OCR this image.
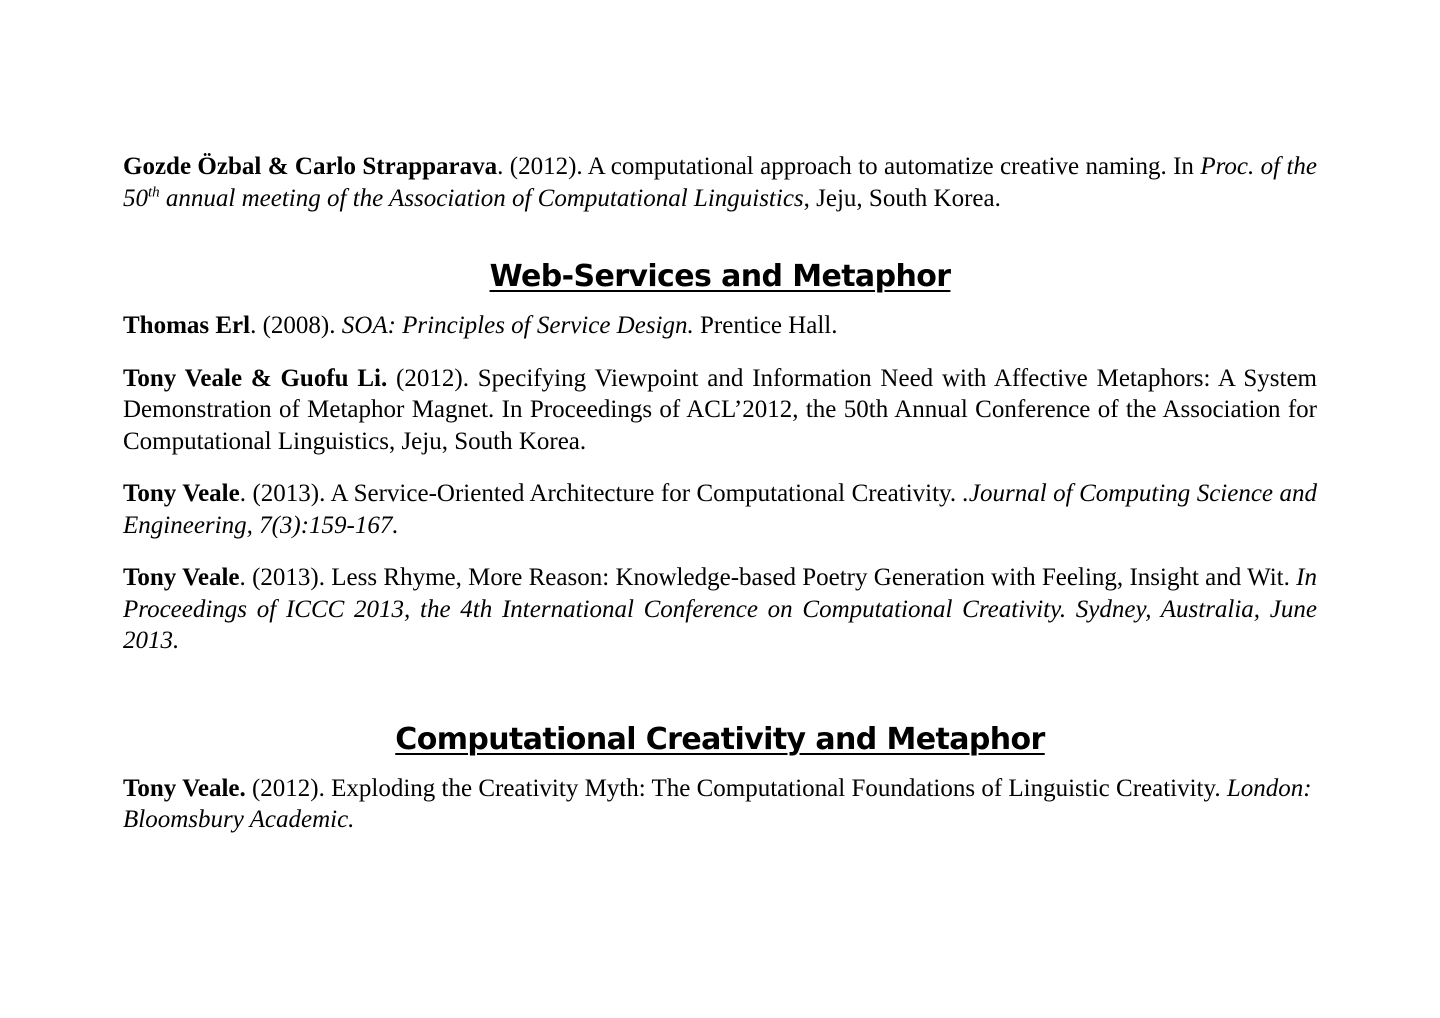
Gozde Özbal & Carlo Strapparava. (2012). A computational approach to automatize creative naming. In Proc. of the 50th annual meeting of the Association of Computational Linguistics, Jeju, South Korea.

Web-Services and Metaphor

Thomas Erl. (2008). SOA: Principles of Service Design. Prentice Hall.

Tony Veale & Guofu Li. (2012). Specifying Viewpoint and Information Need with Affective Metaphors: A System Demonstration of Metaphor Magnet. In Proceedings of ACL’2012, the 50th Annual Conference of the Association for Computational Linguistics, Jeju, South Korea.

Tony Veale. (2013). A Service-Oriented Architecture for Computational Creativity. .Journal of Computing Science and Engineering, 7(3):159-167.

Tony Veale. (2013). Less Rhyme, More Reason: Knowledge-based Poetry Generation with Feeling, Insight and Wit. In Proceedings of ICCC 2013, the 4th International Conference on Computational Creativity. Sydney, Australia, June 2013.

Computational Creativity and Metaphor

Tony Veale. (2012). Exploding the Creativity Myth: The Computational Foundations of Linguistic Creativity. London: Bloomsbury Academic.
